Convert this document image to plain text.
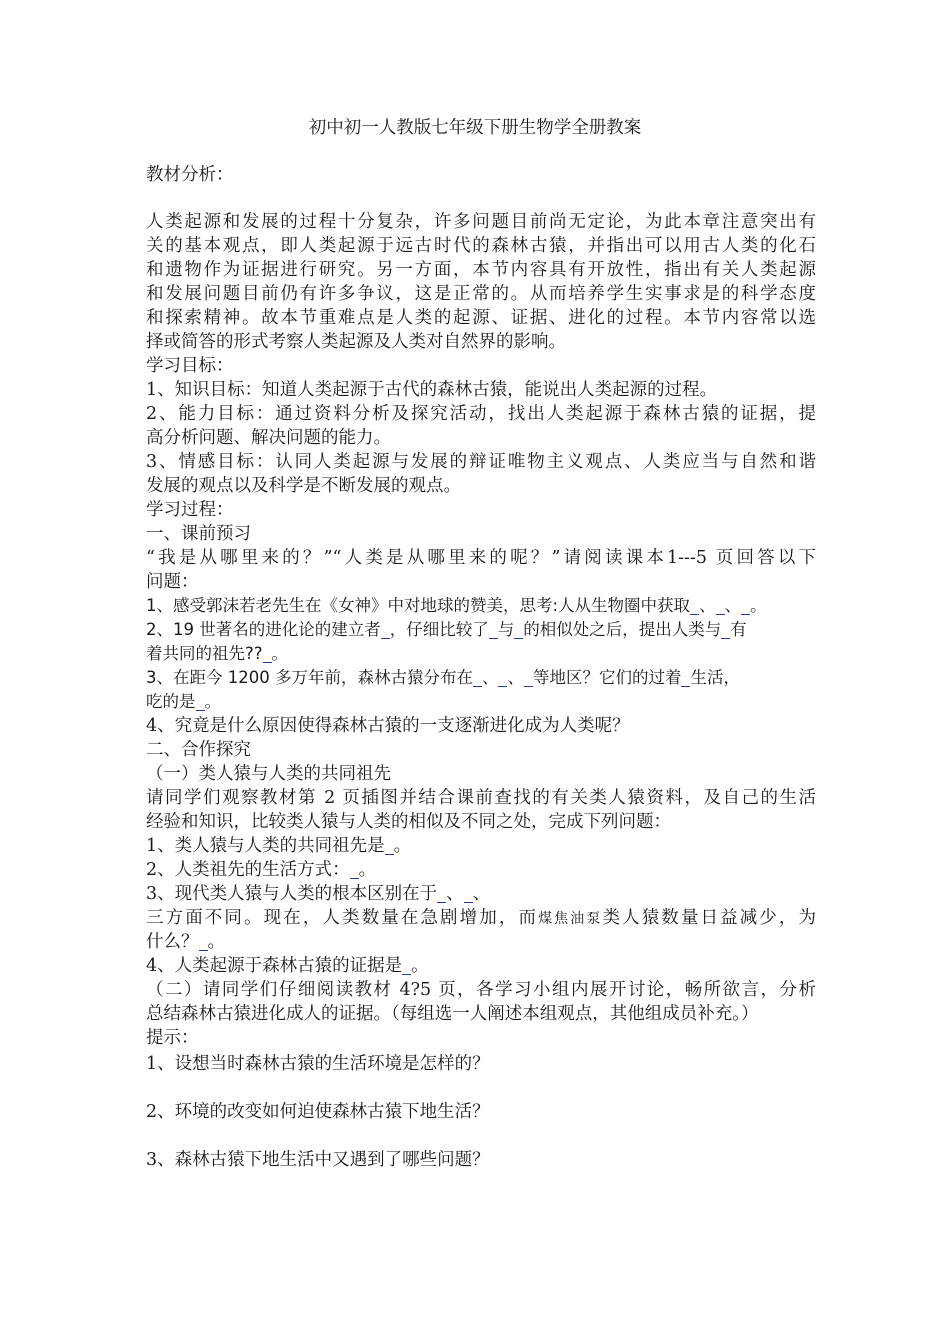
初中初一人教版七年级下册生物学全册教案
教材分析：
人类起源和发展的过程十分复杂，许多问题目前尚无定论，为此本章注意突出有
关的基本观点，即人类起源于远古时代的森林古猿，并指出可以用古人类的化石
和遗物作为证据进行研究。另一方面，本节内容具有开放性，指出有关人类起源
和发展问题目前仍有许多争议，这是正常的。从而培养学生实事求是的科学态度
和探索精神。故本节重难点是人类的起源、证据、进化的过程。本节内容常以选
择或简答的形式考察人类起源及人类对自然界的影响。
学习目标：
1、知识目标：知道人类起源于古代的森林古猿，能说出人类起源的过程。
2、能力目标：通过资料分析及探究活动，找出人类起源于森林古猿的证据，提
高分析问题、解决问题的能力。
3、情感目标：认同人类起源与发展的辩证唯物主义观点、人类应当与自然和谐
发展的观点以及科学是不断发展的观点。
学习过程：
一、课前预习
“我是从哪里来的？”“人类是从哪里来的呢？”请阅读课本1---5 页回答以下
问题：
1、感受郭沫若老先生在《女神》中对地球的赞美，思考:人从生物圈中获取 、 、 。
2、19 世著名的进化论的建立者 ，仔细比较了 与 的相似处之后，提出人类与 有
着共同的祖先?? 。
3、在距今 1200 多万年前，森林古猿分布在 、 、 等地区？它们的过着 生活，
吃的是 。
4、究竟是什么原因使得森林古猿的一支逐渐进化成为人类呢？
二、合作探究
（一）类人猿与人类的共同祖先
请同学们观察教材第 2 页插图并结合课前查找的有关类人猿资料，及自己的生活
经验和知识，比较类人猿与人类的相似及不同之处，完成下列问题：
1、类人猿与人类的共同祖先是 。
2、人类祖先的生活方式： 。
3、现代类人猿与人类的根本区别在于 、 、
三方面不同。现在，人类数量在急剧增加，而煤焦油泵类人猿数量日益减少，为
什么？ 。
4、人类起源于森林古猿的证据是 。
（二）请同学们仔细阅读教材 4?5 页，各学习小组内展开讨论，畅所欲言，分析
总结森林古猿进化成人的证据。（每组选一人阐述本组观点，其他组成员补充。）
提示：
1、设想当时森林古猿的生活环境是怎样的？
2、环境的改变如何迫使森林古猿下地生活？
3、森林古猿下地生活中又遇到了哪些问题？
